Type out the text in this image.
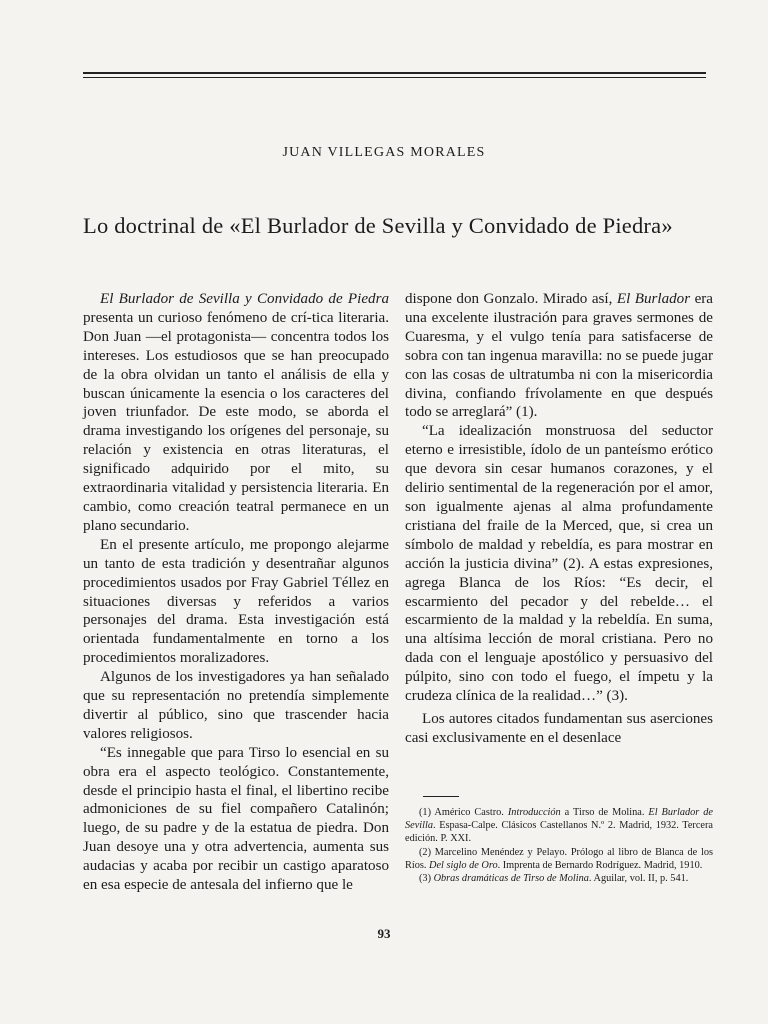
JUAN VILLEGAS MORALES
Lo doctrinal de «El Burlador de Sevilla y Convidado de Piedra»

El Burlador de Sevilla y Convidado de Piedra presenta un curioso fenómeno de crí-tica literaria. Don Juan —el protagonista— concentra todos los intereses. Los estudiosos que se han preocupado de la obra olvidan un tanto el análisis de ella y buscan únicamente la esencia o los caracteres del joven triunfador. De este modo, se aborda el drama investigando los orígenes del personaje, su relación y existencia en otras literaturas, el significado adquirido por el mito, su extraordinaria vitalidad y persistencia literaria. En cambio, como creación teatral permanece en un plano secundario.

En el presente artículo, me propongo alejarme un tanto de esta tradición y desentrañar algunos procedimientos usados por Fray Gabriel Téllez en situaciones diversas y referidos a varios personajes del drama. Esta investigación está orientada fundamentalmente en torno a los procedimientos moralizadores.

Algunos de los investigadores ya han señalado que su representación no pretendía simplemente divertir al público, sino que trascender hacia valores religiosos.

“Es innegable que para Tirso lo esencial en su obra era el aspecto teológico. Constantemente, desde el principio hasta el final, el libertino recibe admoniciones de su fiel compañero Catalinón; luego, de su padre y de la estatua de piedra. Don Juan desoye una y otra advertencia, aumenta sus audacias y acaba por recibir un castigo aparatoso en esa especie de antesala del infierno que le

dispone don Gonzalo. Mirado así, El Burlador era una excelente ilustración para graves sermones de Cuaresma, y el vulgo tenía para satisfacerse de sobra con tan ingenua maravilla: no se puede jugar con las cosas de ultratumba ni con la misericordia divina, confiando frívolamente en que después todo se arreglará” (1).

“La idealización monstruosa del seductor eterno e irresistible, ídolo de un panteísmo erótico que devora sin cesar humanos corazones, y el delirio sentimental de la regeneración por el amor, son igualmente ajenas al alma profundamente cristiana del fraile de la Merced, que, si crea un símbolo de maldad y rebeldía, es para mostrar en acción la justicia divina” (2). A estas expresiones, agrega Blanca de los Ríos: “Es decir, el escarmiento del pecador y del rebelde… el escarmiento de la maldad y la rebeldía. En suma, una altísima lección de moral cristiana. Pero no dada con el lenguaje apostólico y persuasivo del púlpito, sino con todo el fuego, el ímpetu y la crudeza clínica de la realidad…” (3).

Los autores citados fundamentan sus aserciones casi exclusivamente en el desenlace

(1) Américo Castro. Introducción a Tirso de Molina. El Burlador de Sevilla. Espasa-Calpe. Clásicos Castellanos N.º 2. Madrid, 1932. Tercera edición. P. XXI.

(2) Marcelino Menéndez y Pelayo. Prólogo al libro de Blanca de los Ríos. Del siglo de Oro. Imprenta de Bernardo Rodríguez. Madrid, 1910.

(3) Obras dramáticas de Tirso de Molina. Aguilar, vol. II, p. 541.

93
